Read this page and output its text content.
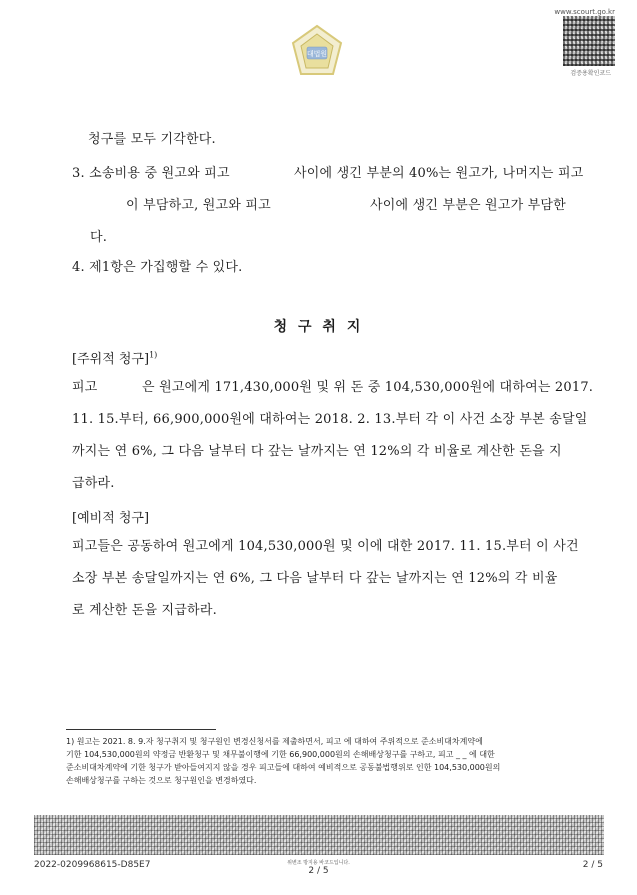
대법원
www.scourt.go.kr
검증용확인코드
청구를 모두 기각한다.
3. 소송비용 중 원고와 피고	사이에 생긴 부분의 40%는 원고가, 나머지는 피고
이 부담하고, 원고와 피고	사이에 생긴 부분은 원고가 부담한
다.
4. 제1항은 가집행할 수 있다.
청 구 취 지
[주위적 청구]$^{1)}$
피고	은 원고에게 171,430,000원 및 위 돈 중 104,530,000원에 대하여는 2017.
11. 15.부터, 66,900,000원에 대하여는 2018. 2. 13.부터 각 이 사건 소장 부본 송달일
까지는 연 6%, 그 다음 날부터 다 갚는 날까지는 연 12%의 각 비율로 계산한 돈을 지
급하라.
[예비적 청구]
피고들은 공동하여 원고에게 104,530,000원 및 이에 대한 2017. 11. 15.부터 이 사건
소장 부본 송달일까지는 연 6%, 그 다음 날부터 다 갚는 날까지는 연 12%의 각 비율
로 계산한 돈을 지급하라.
1) 원고는 2021. 8. 9.자 청구취지 및 청구원인 변경신청서를 제출하면서, 피고 에 대하여 주위적으로 준소비대차계약에
기한 104,530,000원의 약정금 반환청구 및 채무불이행에 기한 66,900,000원의 손해배상청구를 구하고, 피고 _ _ 에 대한
준소비대차계약에 기한 청구가 받아들여지지 않을 경우 피고들에 대하여 예비적으로 공동불법행위로 인한 104,530,000원의
손해배상청구를 구하는 것으로 청구원인을 변경하였다.
2022-0209968615-D85E7	위변조 방지용 바코드입니다.
2 / 5
2 / 5
